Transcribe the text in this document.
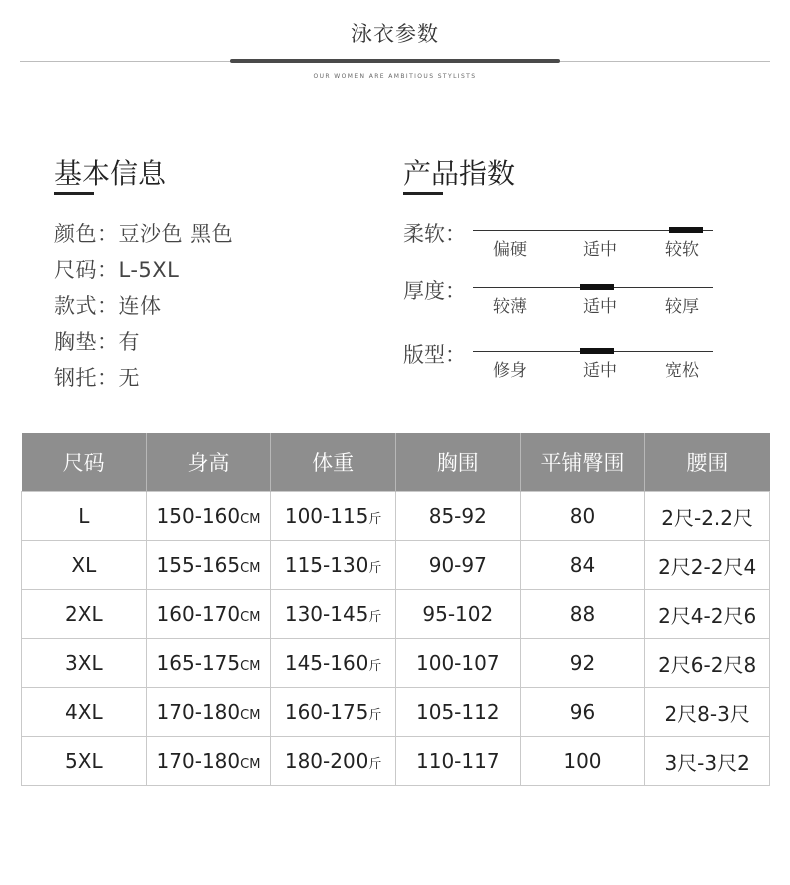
泳衣参数
OUR WOMEN ARE AMBITIOUS STYLISTS
基本信息
颜色：豆沙色 黑色
尺码：L-5XL
款式：连体
胸垫：有
钢托：无
产品指数
柔软：
偏硬	适中	较软
厚度：
较薄	适中	较厚
版型：
修身	适中	宽松
尺码	身高	体重	胸围	平铺臀围	腰围
L	150-160CM	100-115斤	85-92	80	2尺-2.2尺
XL	155-165CM	115-130斤	90-97	84	2尺2-2尺4
2XL	160-170CM	130-145斤	95-102	88	2尺4-2尺6
3XL	165-175CM	145-160斤	100-107	92	2尺6-2尺8
4XL	170-180CM	160-175斤	105-112	96	2尺8-3尺
5XL	170-180CM	180-200斤	110-117	100	3尺-3尺2
